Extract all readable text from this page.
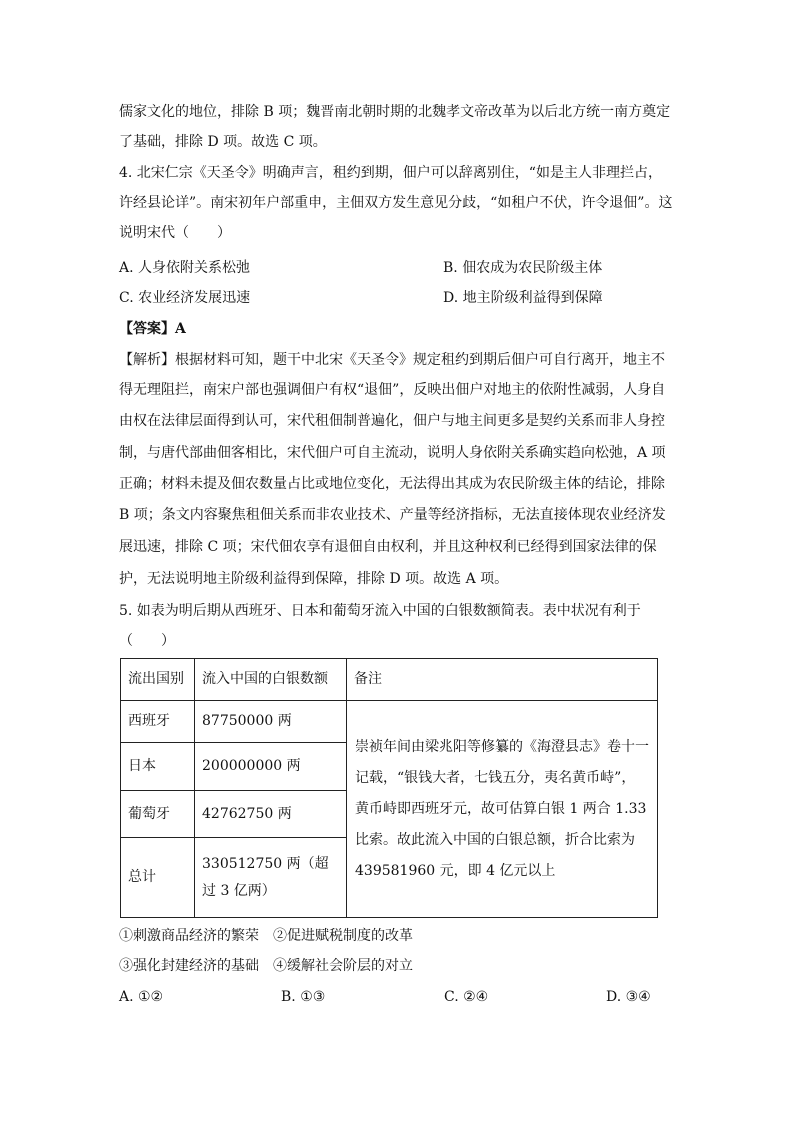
儒家文化的地位，排除 B 项；魏晋南北朝时期的北魏孝文帝改革为以后北方统一南方奠定
了基础，排除 D 项。故选 C 项。
4. 北宋仁宗《天圣令》明确声言，租约到期，佃户可以辞离别住，“如是主人非理拦占，
许经县论详”。南宋初年户部重申，主佃双方发生意见分歧，“如租户不伏，许令退佃”。这
说明宋代（　　）
A. 人身依附关系松弛	B. 佃农成为农民阶级主体
C. 农业经济发展迅速	D. 地主阶级利益得到保障
【答案】A
【解析】根据材料可知，题干中北宋《天圣令》规定租约到期后佃户可自行离开，地主不
得无理阻拦，南宋户部也强调佃户有权“退佃”，反映出佃户对地主的依附性减弱，人身自
由权在法律层面得到认可，宋代租佃制普遍化，佃户与地主间更多是契约关系而非人身控
制，与唐代部曲佃客相比，宋代佃户可自主流动，说明人身依附关系确实趋向松弛，A 项
正确；材料未提及佃农数量占比或地位变化，无法得出其成为农民阶级主体的结论，排除
B 项；条文内容聚焦租佃关系而非农业技术、产量等经济指标，无法直接体现农业经济发
展迅速，排除 C 项；宋代佃农享有退佃自由权利，并且这种权利已经得到国家法律的保
护，无法说明地主阶级利益得到保障，排除 D 项。故选 A 项。
5. 如表为明后期从西班牙、日本和葡萄牙流入中国的白银数额简表。表中状况有利于
（　　）
流出国别	流入中国的白银数额	备注
西班牙	87750000 两	崇祯年间由梁兆阳等修纂的《海澄县志》卷十一记载，“银钱大者，七钱五分，夷名黄币峙”，黄币峙即西班牙元，故可估算白银 1 两合 1.33 比索。故此流入中国的白银总额，折合比索为 439581960 元，即 4 亿元以上
日本	200000000 两	
葡萄牙	42762750 两	
总计	330512750 两（超过 3 亿两）	
①刺激商品经济的繁荣　②促进赋税制度的改革
③强化封建经济的基础　④缓解社会阶层的对立
A. ①②	B. ①③	C. ②④	D. ③④
